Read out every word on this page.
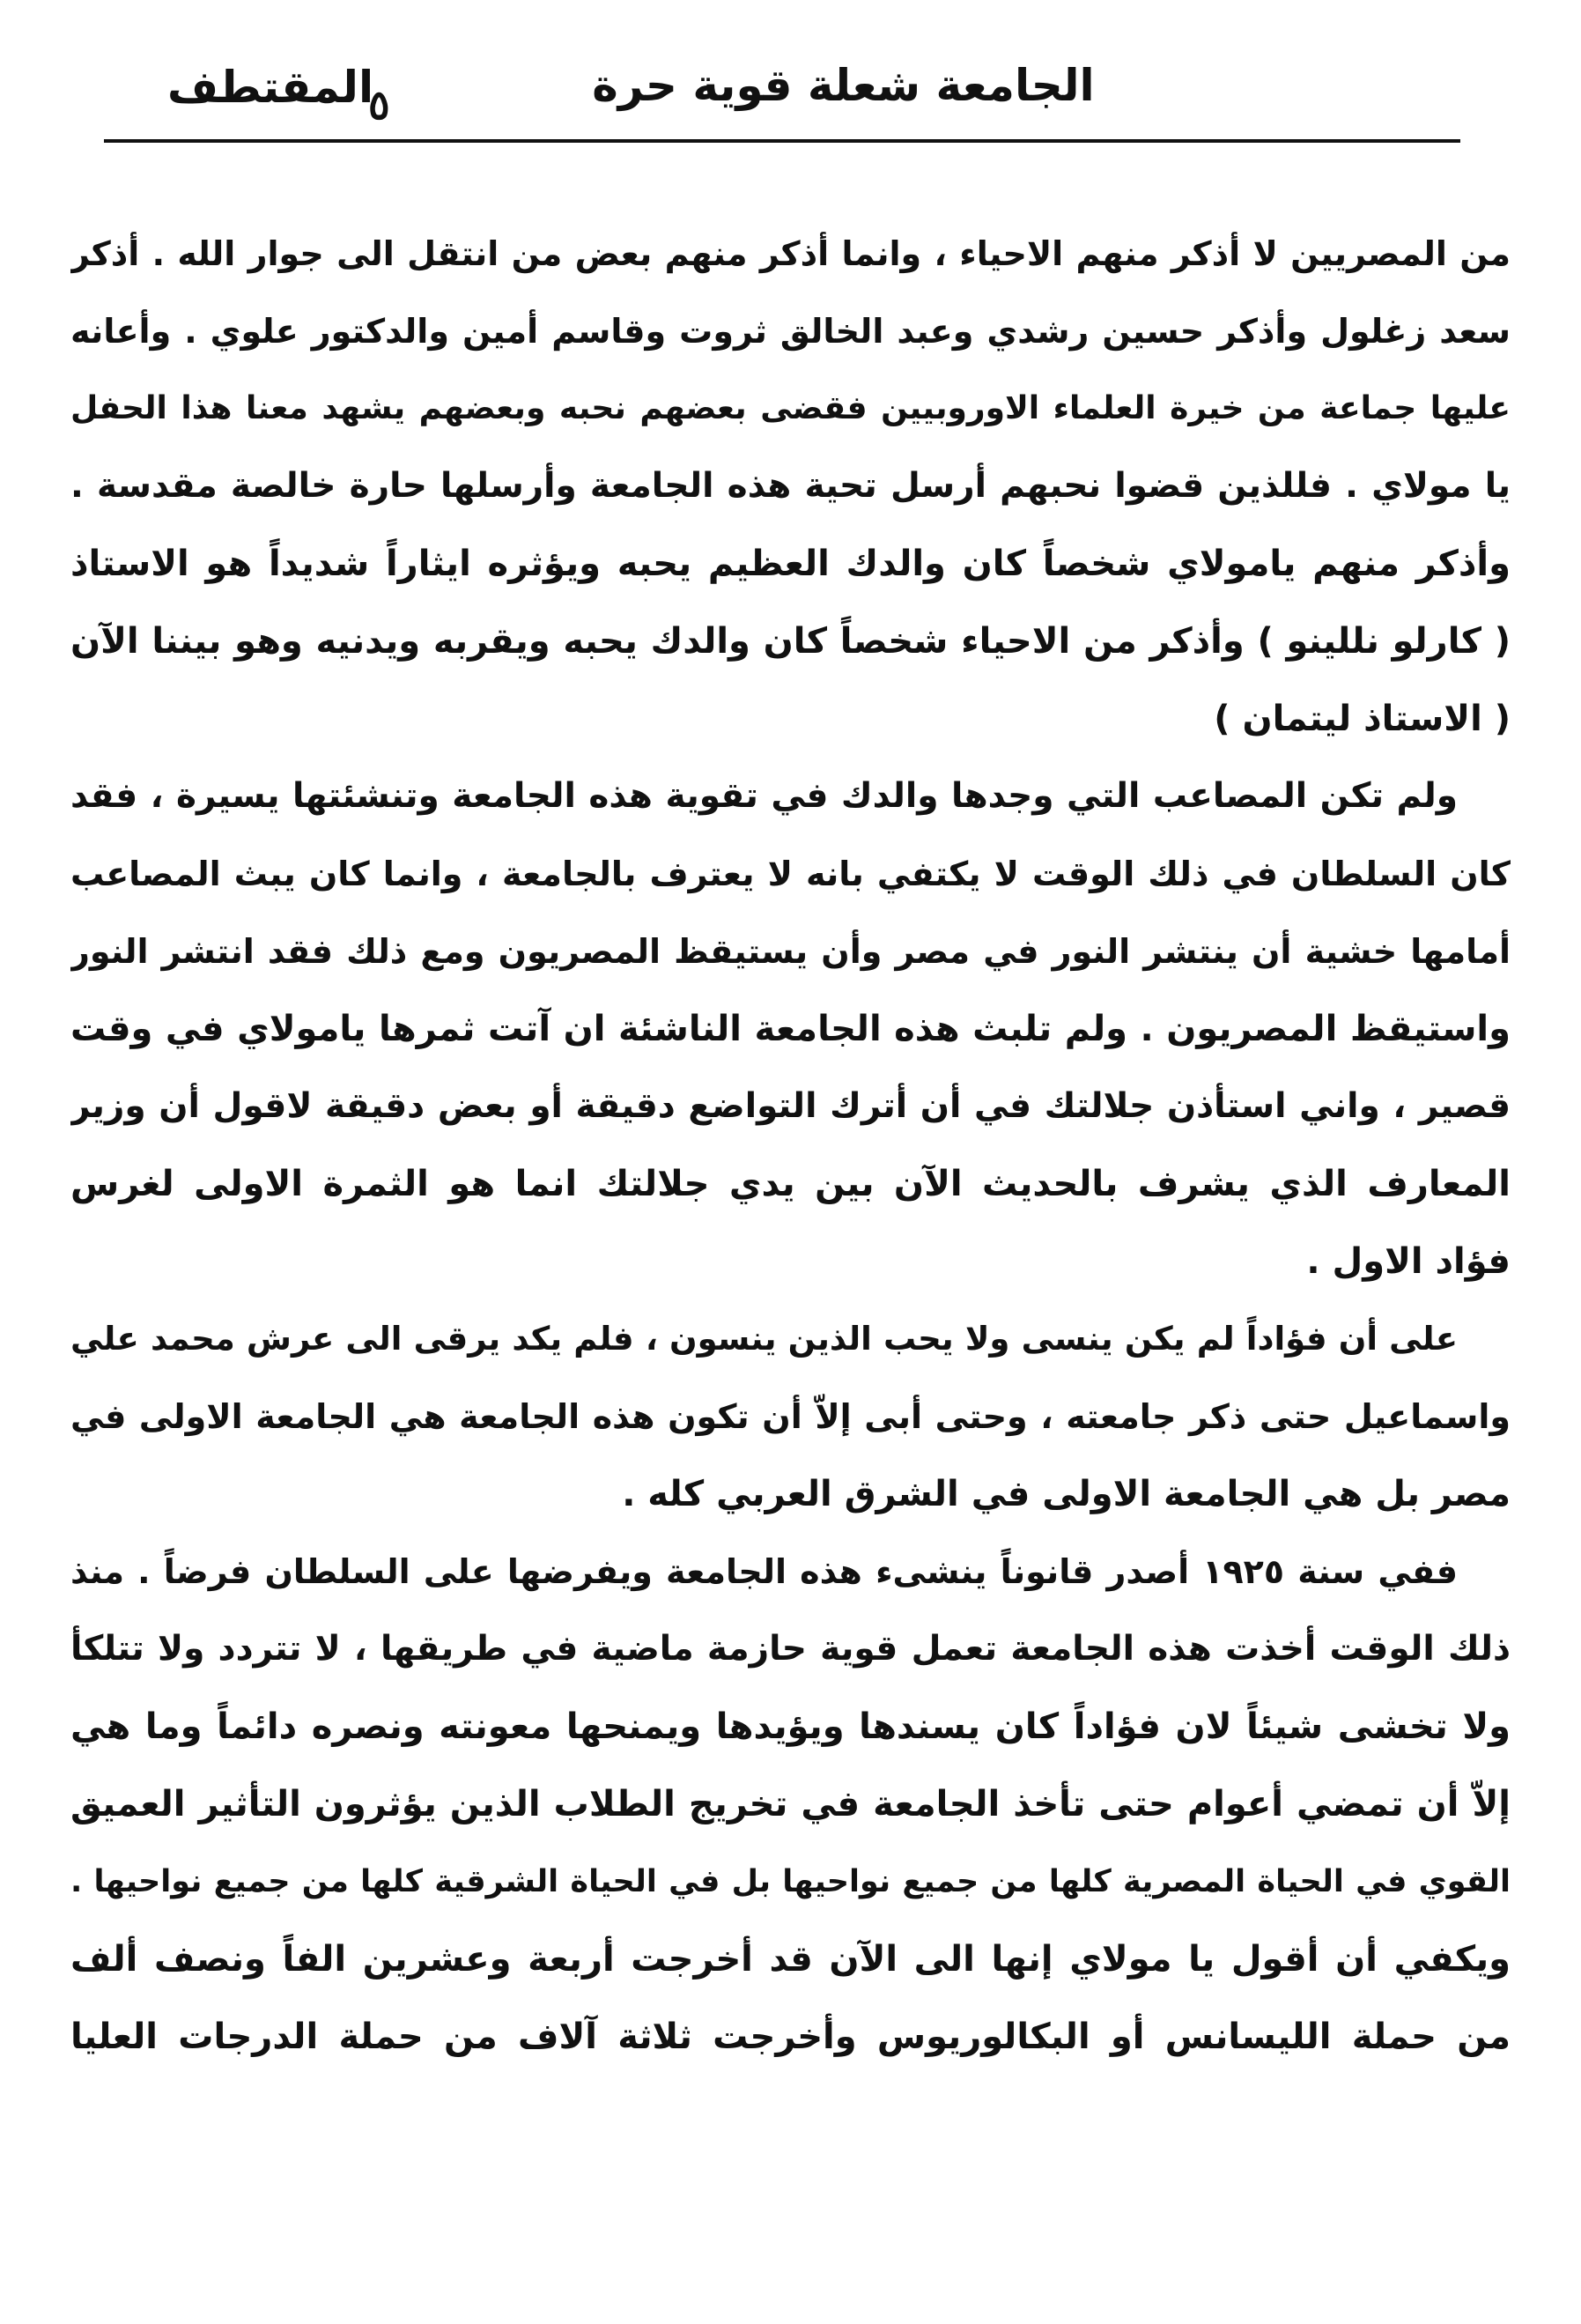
٥	الجامعة شعلة قوية حرة
المقتطف
من المصريين لا أذكر منهم الاحياء ، وانما أذكر منهم بعض من انتقل الى جوار الله . أذكر
سعد زغلول وأذكر حسين رشدي وعبد الخالق ثروت وقاسم أمين والدكتور علوي . وأعانه
عليها جماعة من خيرة العلماء الاوروبيين فقضى بعضهم نحبه وبعضهم يشهد معنا هذا الحفل
يا مولاي . فللذين قضوا نحبهم أرسل تحية هذه الجامعة وأرسلها حارة خالصة مقدسة .
وأذكر منهم يامولاي شخصاً كان والدك العظيم يحبه ويؤثره ايثاراً شديداً هو الاستاذ
( كارلو نللينو ) وأذكر من الاحياء شخصاً كان والدك يحبه ويقربه ويدنيه وهو بيننا الآن
( الاستاذ ليتمان )
ولم تكن المصاعب التي وجدها والدك في تقوية هذه الجامعة وتنشئتها يسيرة ، فقد
كان السلطان في ذلك الوقت لا يكتفي بانه لا يعترف بالجامعة ، وانما كان يبث المصاعب
أمامها خشية أن ينتشر النور في مصر وأن يستيقظ المصريون ومع ذلك فقد انتشر النور
واستيقظ المصريون . ولم تلبث هذه الجامعة الناشئة ان آتت ثمرها يامولاي في وقت
قصير ، واني استأذن جلالتك في أن أترك التواضع دقيقة أو بعض دقيقة لاقول أن وزير
المعارف الذي يشرف بالحديث الآن بين يدي جلالتك انما هو الثمرة الاولى لغرس
فؤاد الاول .
على أن فؤاداً لم يكن ينسى ولا يحب الذين ينسون ، فلم يكد يرقى الى عرش محمد علي
واسماعيل حتى ذكر جامعته ، وحتى أبى إلاّ أن تكون هذه الجامعة هي الجامعة الاولى في
مصر بل هي الجامعة الاولى في الشرق العربي كله .
ففي سنة ١٩٢٥ أصدر قانوناً ينشىء هذه الجامعة ويفرضها على السلطان فرضاً . منذ
ذلك الوقت أخذت هذه الجامعة تعمل قوية حازمة ماضية في طريقها ، لا تتردد ولا تتلكأ
ولا تخشى شيئاً لان فؤاداً كان يسندها ويؤيدها ويمنحها معونته ونصره دائماً وما هي
إلاّ أن تمضي أعوام حتى تأخذ الجامعة في تخريج الطلاب الذين يؤثرون التأثير العميق
القوي في الحياة المصرية كلها من جميع نواحيها بل في الحياة الشرقية كلها من جميع نواحيها .
ويكفي أن أقول يا مولاي إنها الى الآن قد أخرجت أربعة وعشرين الفاً ونصف ألف
من حملة الليسانس أو البكالوريوس وأخرجت ثلاثة آلاف من حملة الدرجات العليا
